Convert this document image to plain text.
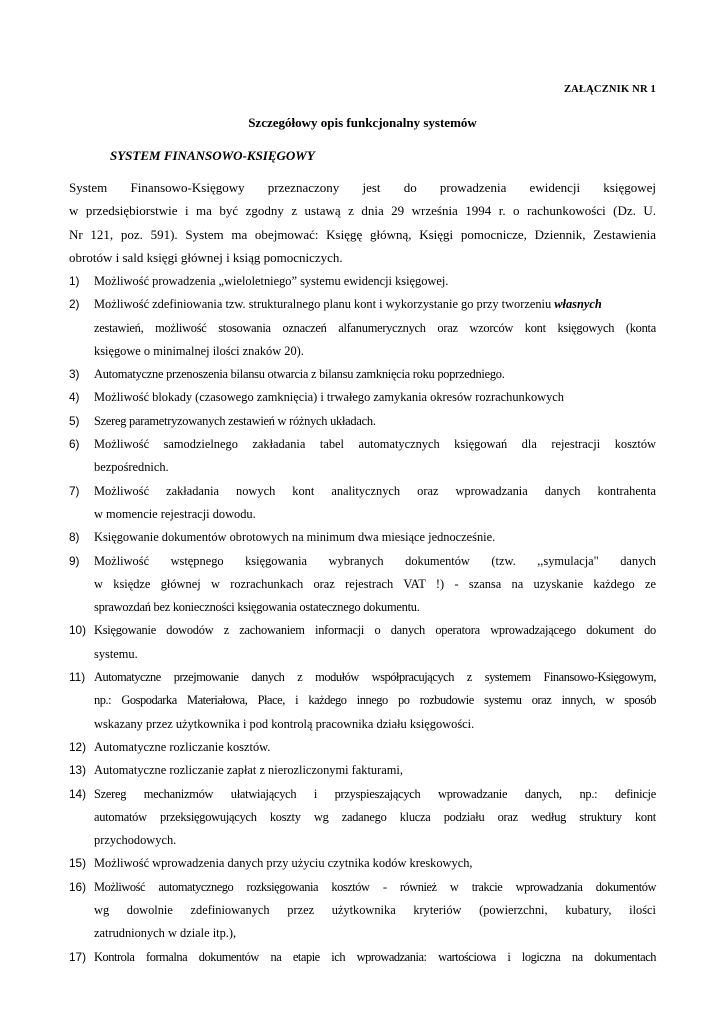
ZAŁĄCZNIK NR 1
Szczegółowy opis funkcjonalny systemów
SYSTEM FINANSOWO-KSIĘGOWY
System Finansowo-Księgowy przeznaczony jest do prowadzenia ewidencji księgowej
w przedsiębiorstwie i ma być zgodny z ustawą z dnia 29 września 1994 r. o rachunkowości (Dz. U.
Nr 121, poz. 591). System ma obejmować: Księgę główną, Księgi pomocnicze, Dziennik, Zestawienia
obrotów i sald księgi głównej i ksiąg pomocniczych.
1) Możliwość prowadzenia „wieloletniego” systemu ewidencji księgowej.
2) Możliwość zdefiniowania tzw. strukturalnego planu kont i wykorzystanie go przy tworzeniu własnych
zestawień, możliwość stosowania oznaczeń alfanumerycznych oraz wzorców kont księgowych (konta
księgowe o minimalnej ilości znaków 20).
3) Automatyczne przenoszenia bilansu otwarcia z bilansu zamknięcia roku poprzedniego.
4) Możliwość blokady (czasowego zamknięcia) i trwałego zamykania okresów rozrachunkowych
5) Szereg parametryzowanych zestawień w różnych układach.
6) Możliwość samodzielnego zakładania tabel automatycznych księgowań dla rejestracji kosztów
bezpośrednich.
7) Możliwość zakładania nowych kont analitycznych oraz wprowadzania danych kontrahenta
w momencie rejestracji dowodu.
8) Księgowanie dokumentów obrotowych na minimum dwa miesiące jednocześnie.
9) Możliwość wstępnego księgowania wybranych dokumentów (tzw. ,,symulacja" danych
w księdze głównej w rozrachunkach oraz rejestrach VAT !) - szansa na uzyskanie każdego ze
sprawozdań bez konieczności księgowania ostatecznego dokumentu.
10) Księgowanie dowodów z zachowaniem informacji o danych operatora wprowadzającego dokument do
systemu.
11) Automatyczne przejmowanie danych z modułów współpracujących z systemem Finansowo-Księgowym,
np.: Gospodarka Materiałowa, Płace, i każdego innego po rozbudowie systemu oraz innych, w sposób
wskazany przez użytkownika i pod kontrolą pracownika działu księgowości.
12) Automatyczne rozliczanie kosztów.
13) Automatyczne rozliczanie zapłat z nierozliczonymi fakturami,
14) Szereg mechanizmów ułatwiających i przyspieszających wprowadzanie danych, np.: definicje
automatów przeksięgowujących koszty wg zadanego klucza podziału oraz według struktury kont
przychodowych.
15) Możliwość wprowadzenia danych przy użyciu czytnika kodów kreskowych,
16) Możliwość automatycznego rozksięgowania kosztów - również w trakcie wprowadzania dokumentów
wg dowolnie zdefiniowanych przez użytkownika kryteriów (powierzchni, kubatury, ilości
zatrudnionych w dziale itp.),
17) Kontrola formalna dokumentów na etapie ich wprowadzania: wartościowa i logiczna na dokumentach
